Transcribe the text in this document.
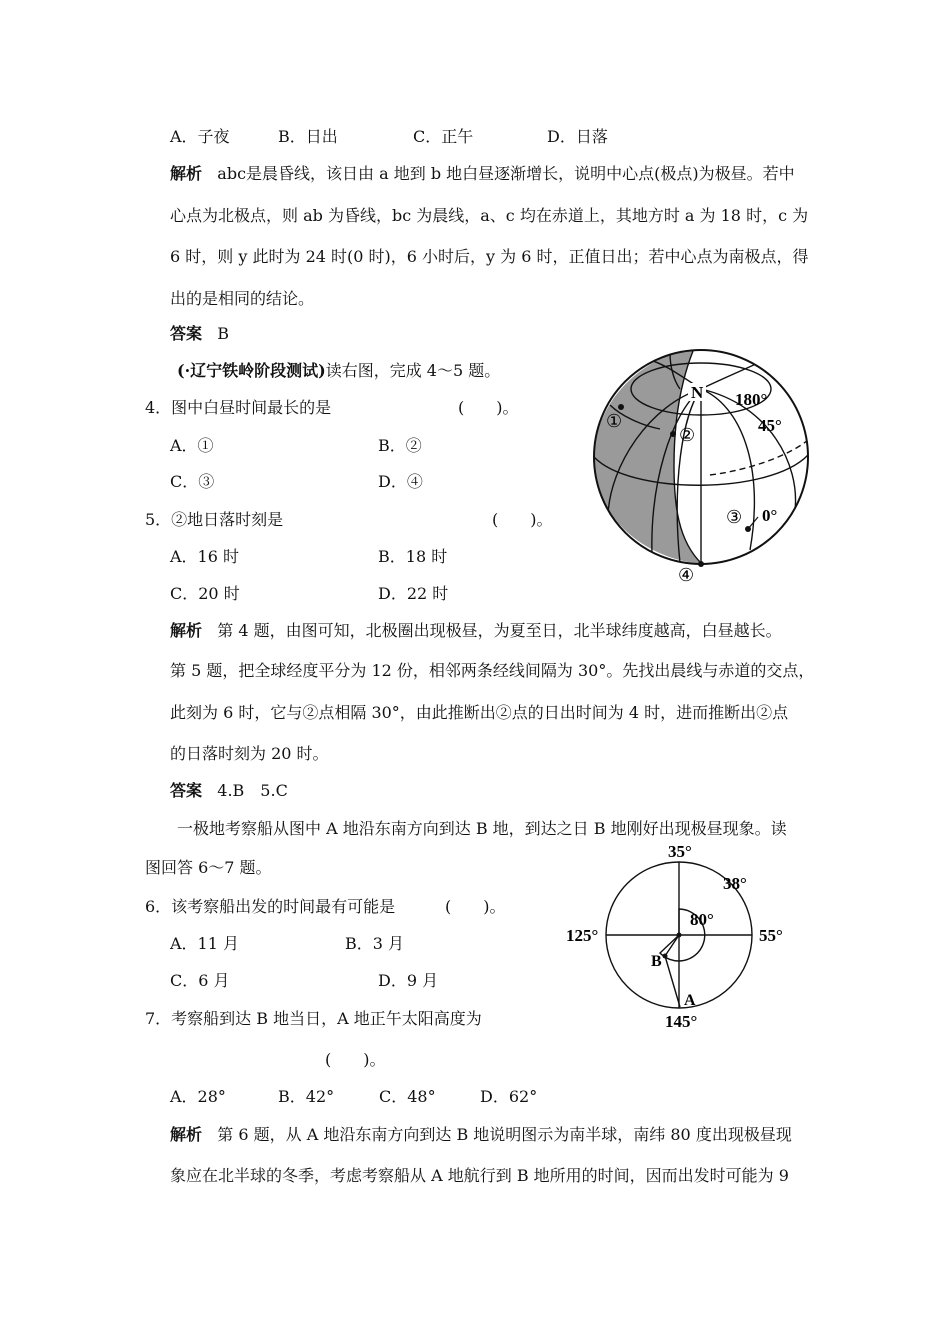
A．子夜	B．日出	C．正午	D．日落
解析 abc是晨昏线，该日由 a 地到 b 地白昼逐渐增长，说明中心点(极点)为极昼。若中
心点为北极点，则 ab 为昏线，bc 为晨线，a、c 均在赤道上，其地方时 a 为 18 时，c 为
6 时，则 y 此时为 24 时(0 时)，6 小时后，y 为 6 时，正值日出；若中心点为南极点，得
出的是相同的结论。
答案 B
(·辽宁铁岭阶段测试)读右图，完成 4～5 题。
4．图中白昼时间最长的是	(　　)。
A．①	B．②
C．③	D．④
5．②地日落时刻是	(　　)。
A．16 时	B．18 时
C．20 时	D．22 时
解析 第 4 题，由图可知，北极圈出现极昼，为夏至日，北半球纬度越高，白昼越长。
第 5 题，把全球经度平分为 12 份，相邻两条经线间隔为 30°。先找出晨线与赤道的交点，
此刻为 6 时，它与②点相隔 30°，由此推断出②点的日出时间为 4 时，进而推断出②点
的日落时刻为 20 时。
答案 4.B　5.C
一极地考察船从图中 A 地沿东南方向到达 B 地，到达之日 B 地刚好出现极昼现象。读
图回答 6～7 题。
6．该考察船出发的时间最有可能是	(　　)。
A．11 月	B．3 月
C．6 月	D．9 月
7．考察船到达 B 地当日，A 地正午太阳高度为
(　　)。
A．28°	B．42°	C．48°	D．62°
解析 第 6 题，从 A 地沿东南方向到达 B 地说明图示为南半球，南纬 80 度出现极昼现
象应在北半球的冬季，考虑考察船从 A 地航行到 B 地所用的时间，因而出发时可能为 9
N 180°
45°
0°
①
②
③
④
35°
38°
80°
125°	55°
145°
A
B
